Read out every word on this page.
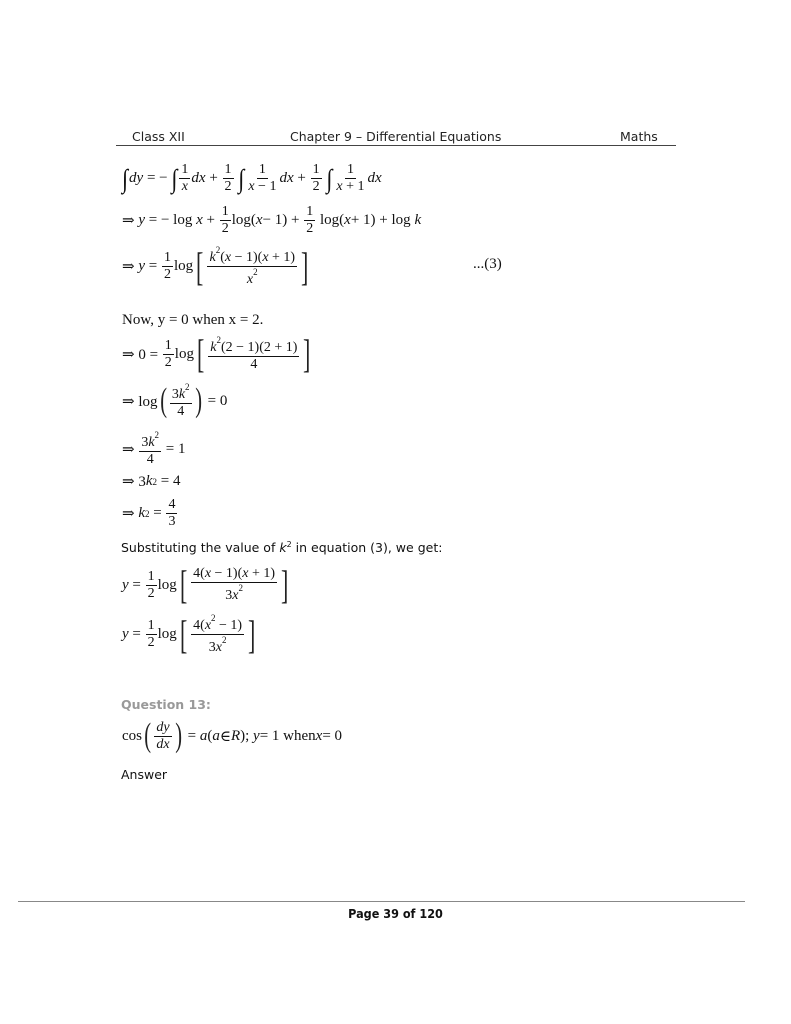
Class XII	Chapter 9 – Differential Equations	Maths
∫ dy = − ∫ $\frac{1}{x}$ dx + $\frac{1}{2}$
∫ $\frac{1}{x - 1}$ dx + $\frac{1}{2}$
∫ $\frac{1}{x + 1}$ dx
⇒ y = − $\log x + \frac{1}{2} \log$( $x - 1) + \frac{1}{2} \log$( x + 1) + log k
⇒ $y = \frac{1}{2}$ log [ $\frac{k^2(x - 1)(x + 1)}{x^2}$ ]	...(3)
Now, y = 0 when x = 2.
⇒ $0 = \frac{1}{2}$ log [ $\frac{k^2(2 - 1)(2 + 1)}{4}$ ]
⇒ log ( $\frac{3k^2}{4}$ )
= 0
⇒ $\frac{3k^2}{4}$
= 1
⇒ 3 k 2 = 4
⇒ k $2 = \frac{4}{3}$
Substituting the value of $k^2$ in equation (3), we get:
$y = \frac{1}{2}$ log [ $\frac{4(x - 1)(x + 1)}{3x^2}$ ]
$y = \frac{1}{2}$ log [ $\frac{4(x^2 - 1)}{3x^2}$ ]
Question 13:
cos ( $\frac{dy}{dx}$ ) = a ( a ∈ R ); y = 1 when x = 0
Answer
Page 39 of 120
